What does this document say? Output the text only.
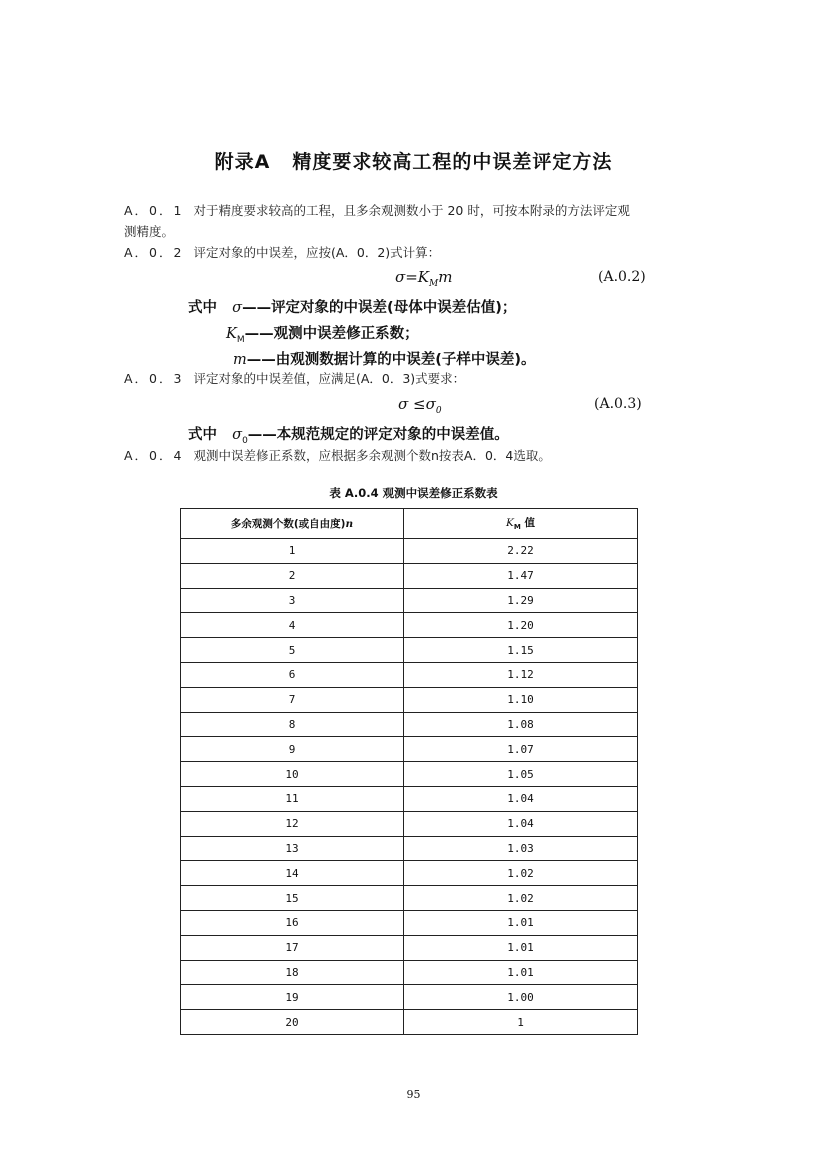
附录A 精度要求较高工程的中误差评定方法
A．0．1 对于精度要求较高的工程，且多余观测数小于 20 时，可按本附录的方法评定观
测精度。
A．0．2 评定对象的中误差，应按(A．0．2)式计算：
$\sigma=K_Mm$	(A.0.2)
式中 σ——评定对象的中误差(母体中误差估值)；
$K_M——$观测中误差修正系数；
m——由观测数据计算的中误差(子样中误差)。
A．0．3 评定对象的中误差值，应满足(A．0．3)式要求：
$\sigma \le\sigma_0$	(A.0.3)
式中 $\sigma_0——$本规范规定的评定对象的中误差值。
A．0．4 观测中误差修正系数，应根据多余观测个数n按表A．0．4选取。
表 A.0.4 观测中误差修正系数表
多余观测个数(或自由度)n	$K_M$ 值
1	2.22
2	1.47
3	1.29
4	1.20
5	1.15
6	1.12
7	1.10
8	1.08
9	1.07
10	1.05
11	1.04
12	1.04
13	1.03
14	1.02
15	1.02
16	1.01
17	1.01
18	1.01
19	1.00
20	1
95
